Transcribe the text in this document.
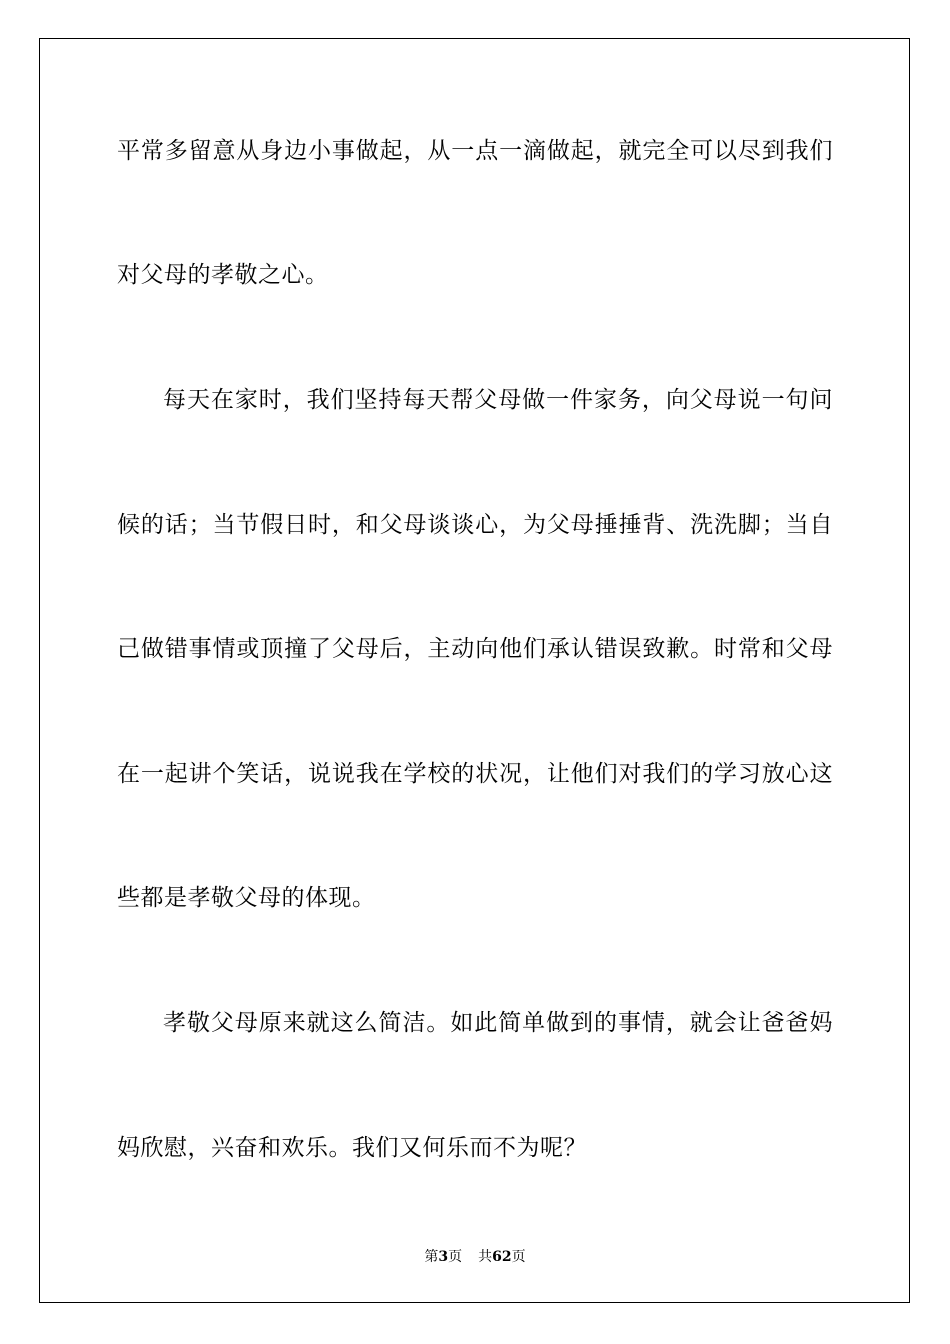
平常多留意从身边小事做起，从一点一滴做起，就完全可以尽到我们
对父母的孝敬之心。
每天在家时，我们坚持每天帮父母做一件家务，向父母说一句问
候的话；当节假日时，和父母谈谈心，为父母捶捶背、洗洗脚；当自
己做错事情或顶撞了父母后，主动向他们承认错误致歉。时常和父母
在一起讲个笑话，说说我在学校的状况，让他们对我们的学习放心这
些都是孝敬父母的体现。
孝敬父母原来就这么简洁。如此简单做到的事情，就会让爸爸妈
妈欣慰，兴奋和欢乐。我们又何乐而不为呢？
第3页 共62页
